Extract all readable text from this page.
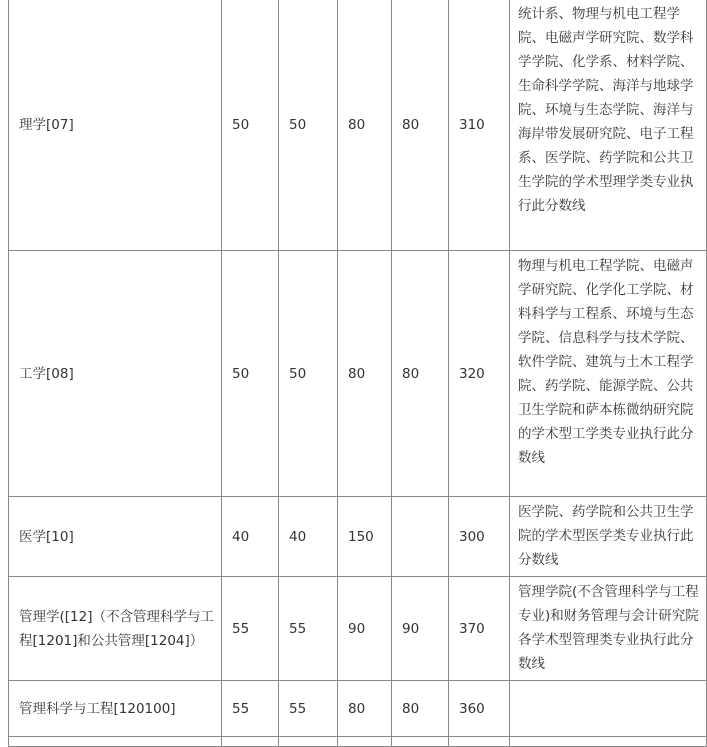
理学[07]	50	50	80	80	310	统计系、物理与机电工程学院、电磁声学研究院、数学科学学院、化学系、材料学院、生命科学学院、海洋与地球学院、环境与生态学院、海洋与海岸带发展研究院、电子工程系、医学院、药学院和公共卫生学院的学术型理学类专业执行此分数线
工学[08]	50	50	80	80	320	物理与机电工程学院、电磁声学研究院、化学化工学院、材料科学与工程系、环境与生态学院、信息科学与技术学院、软件学院、建筑与土木工程学院、药学院、能源学院、公共卫生学院和萨本栋微纳研究院的学术型工学类专业执行此分数线
医学[10]	40	40	150		300	医学院、药学院和公共卫生学院的学术型医学类专业执行此分数线
管理学([12]（不含管理科学与工程[1201]和公共管理[1204]）	55	55	90	90	370	管理学院(不含管理科学与工程专业)和财务管理与会计研究院各学术型管理类专业执行此分数线
管理科学与工程[120100]	55	55	80	80	360	
